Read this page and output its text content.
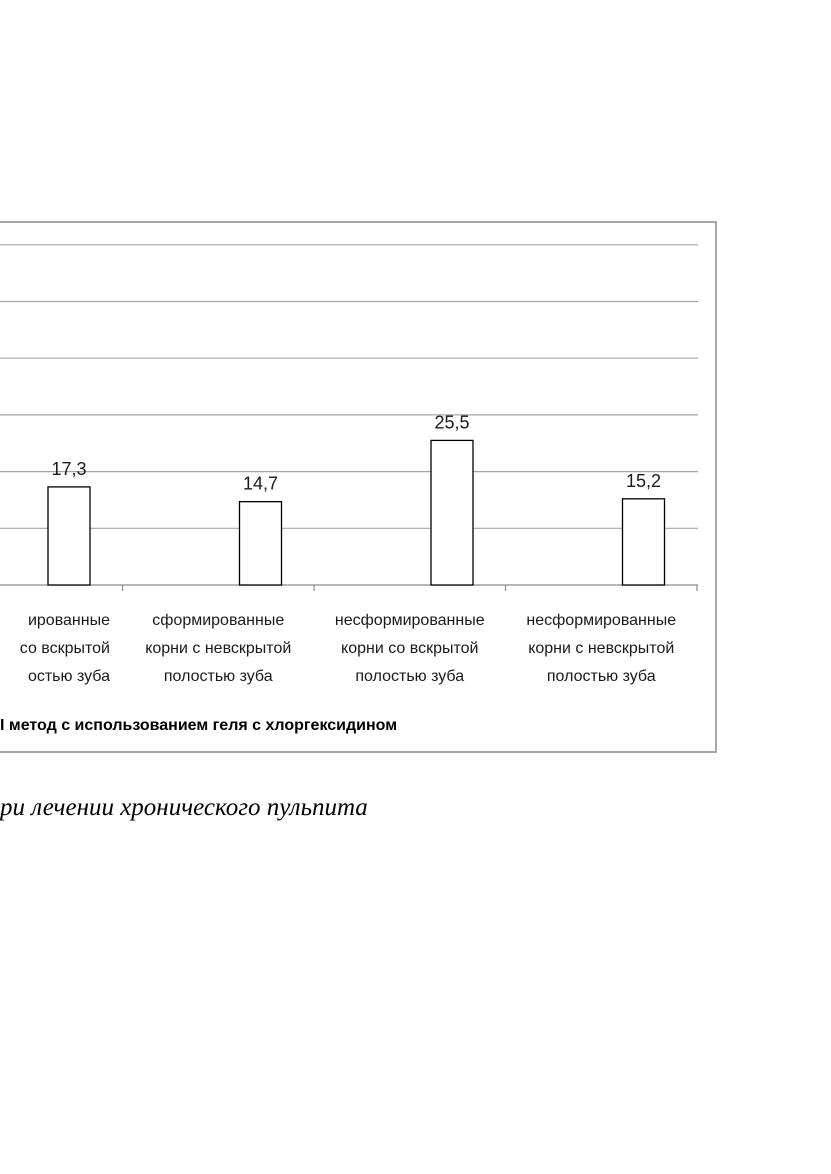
17,3
14,7
25,5
15,2
ированные
со вскрытой
остью зуба
сформированные
корни с невскрытой
полостью зуба
несформированные
корни со вскрытой
полостью зуба
несформированные
корни с невскрытой
полостью зуба
I метод с использованием геля с хлоргексидином
ри лечении хронического пульпита
